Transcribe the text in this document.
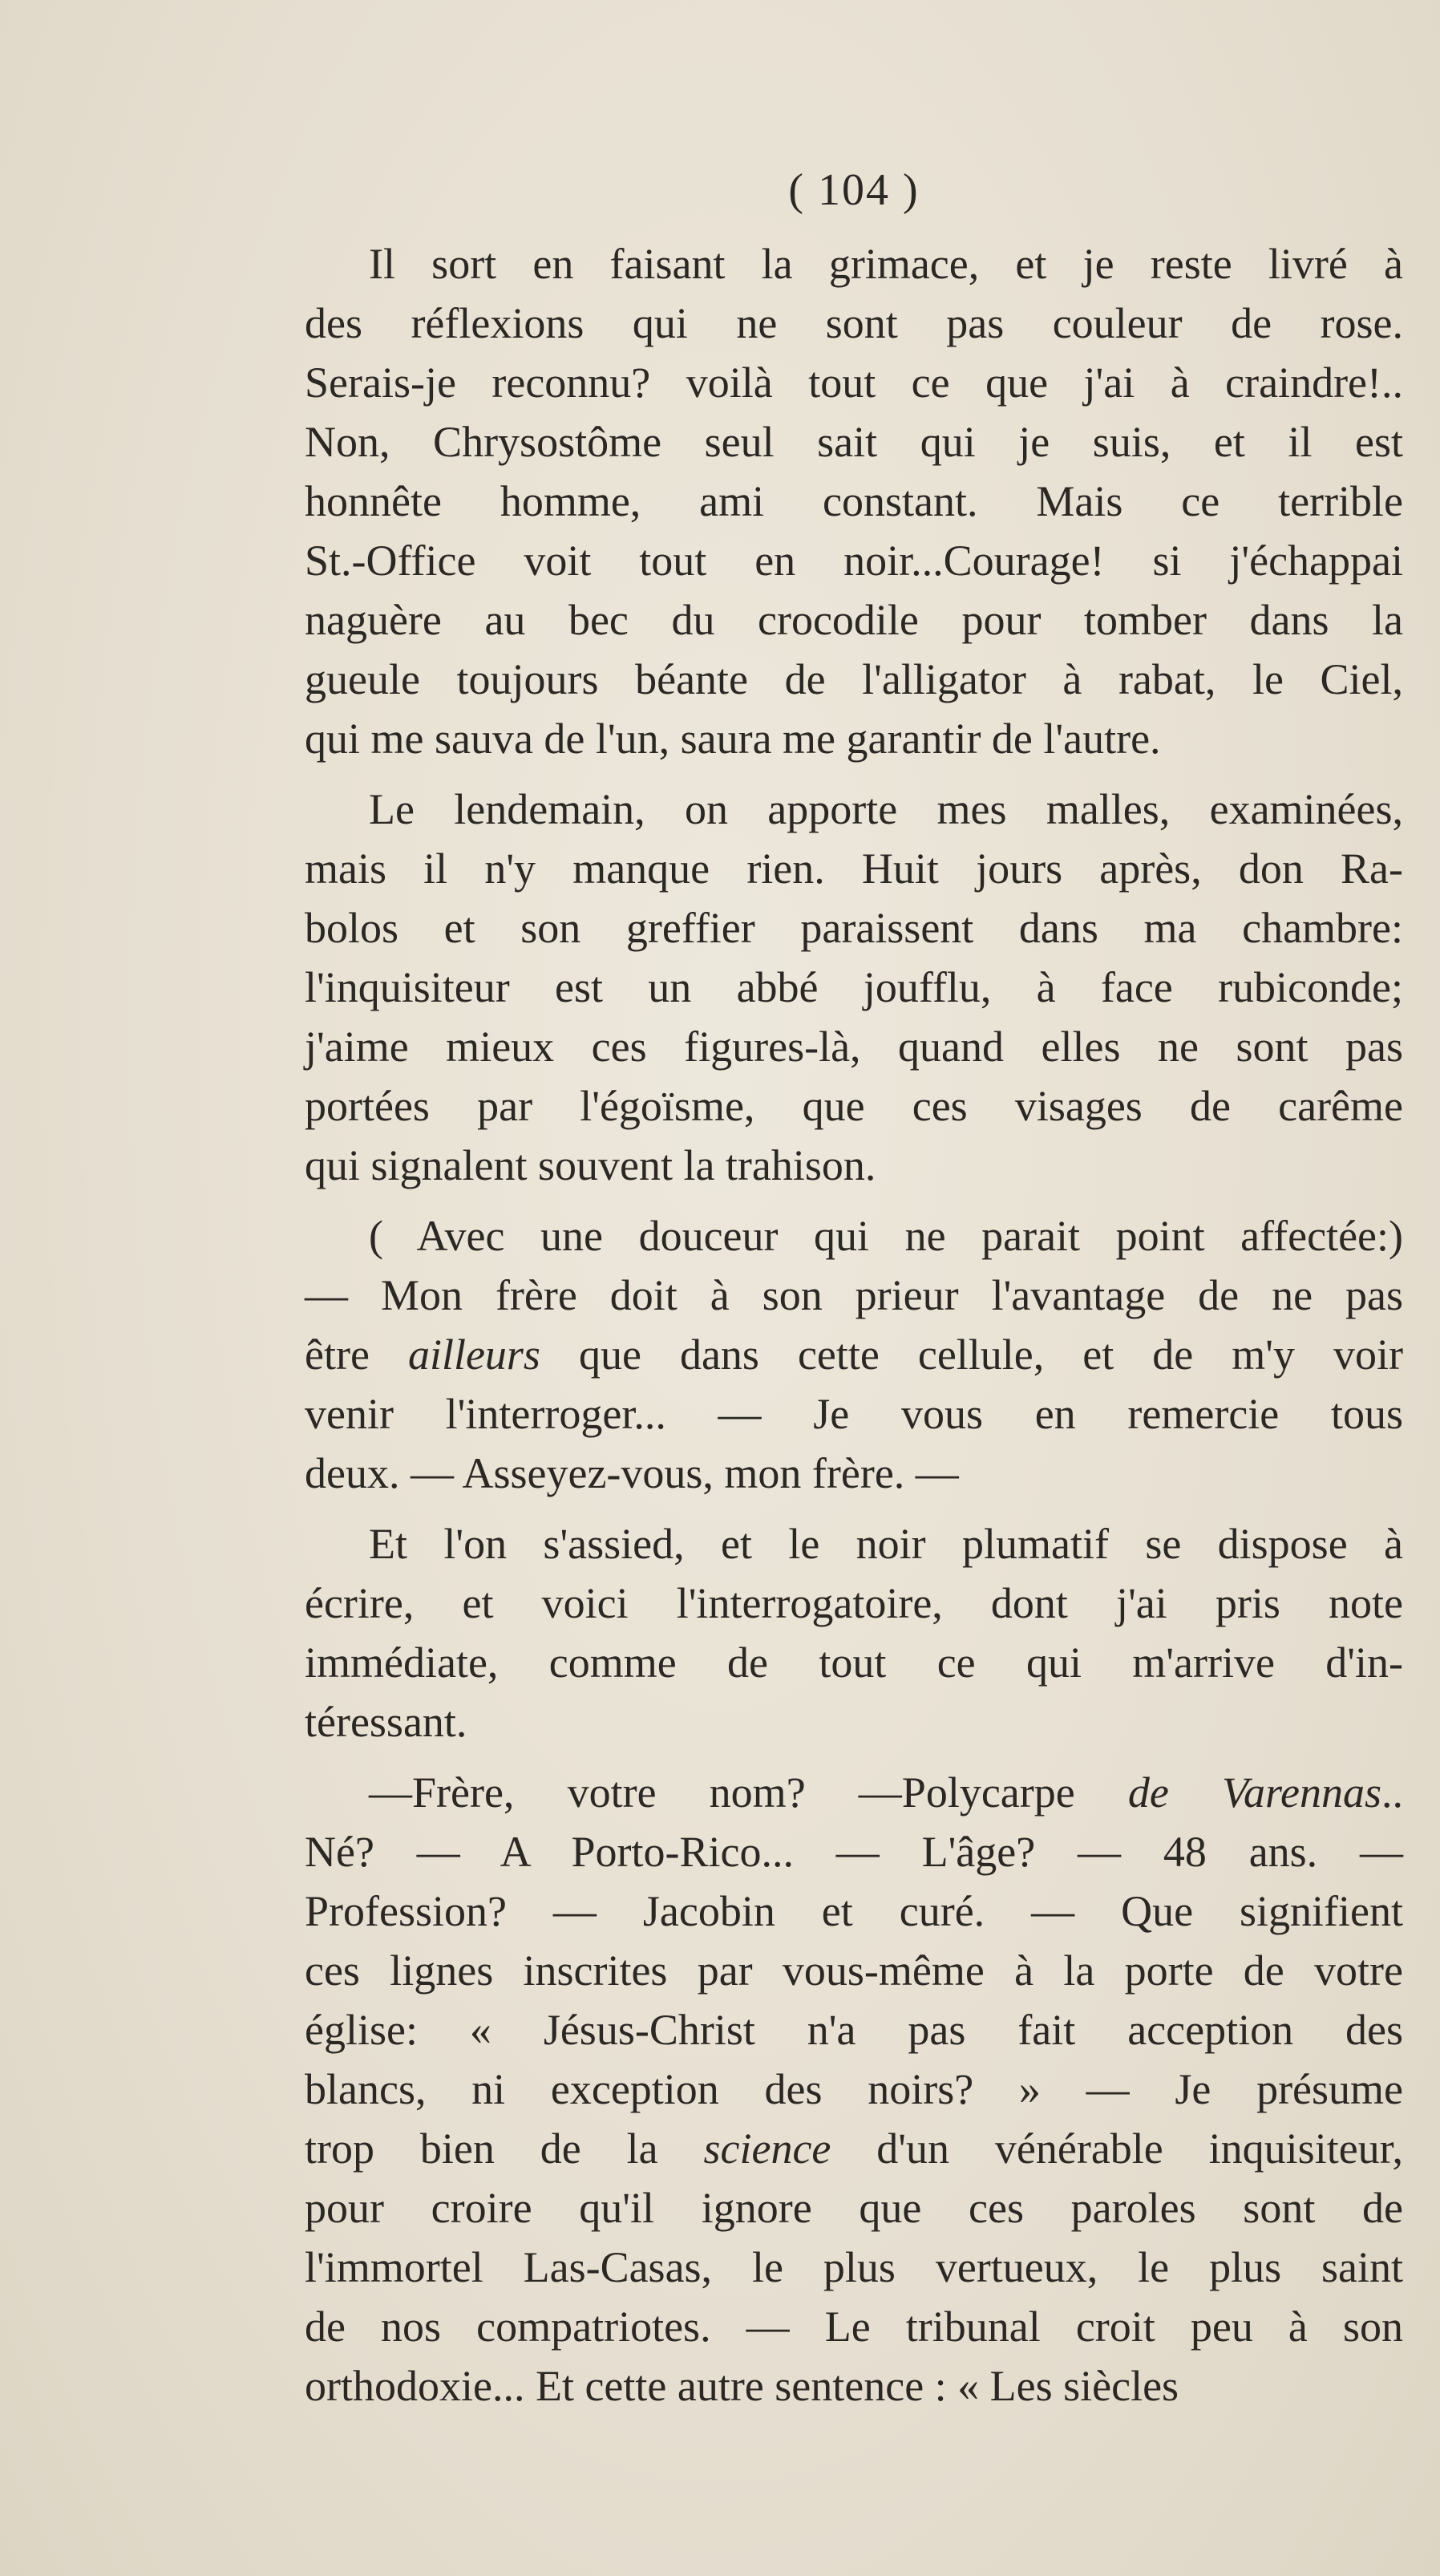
( 104 )
Il sort en faisant la grimace, et je reste livré à
des réflexions qui ne sont pas couleur de rose.
Serais-je reconnu? voilà tout ce que j'ai à craindre!..
Non, Chrysostôme seul sait qui je suis, et il est
honnête homme, ami constant. Mais ce terrible
St.-Office voit tout en noir...Courage! si j'échappai
naguère au bec du crocodile pour tomber dans la
gueule toujours béante de l'alligator à rabat, le Ciel,
qui me sauva de l'un, saura me garantir de l'autre.
Le lendemain, on apporte mes malles, examinées,
mais il n'y manque rien. Huit jours après, don Ra-
bolos et son greffier paraissent dans ma chambre:
l'inquisiteur est un abbé joufflu, à face rubiconde;
j'aime mieux ces figures-là, quand elles ne sont pas
portées par l'égoïsme, que ces visages de carême
qui signalent souvent la trahison.
( Avec une douceur qui ne parait point affectée:)
— Mon frère doit à son prieur l'avantage de ne pas
être ailleurs que dans cette cellule, et de m'y voir
venir l'interroger... — Je vous en remercie tous
deux. — Asseyez-vous, mon frère. —
Et l'on s'assied, et le noir plumatif se dispose à
écrire, et voici l'interrogatoire, dont j'ai pris note
immédiate, comme de tout ce qui m'arrive d'in-
téressant.
—Frère, votre nom? —Polycarpe de Varennas..
Né? — A Porto-Rico... — L'âge? — 48 ans. —
Profession? — Jacobin et curé. — Que signifient
ces lignes inscrites par vous-même à la porte de votre
église: « Jésus-Christ n'a pas fait acception des
blancs, ni exception des noirs? » — Je présume
trop bien de la science d'un vénérable inquisiteur,
pour croire qu'il ignore que ces paroles sont de
l'immortel Las-Casas, le plus vertueux, le plus saint
de nos compatriotes. — Le tribunal croit peu à son
orthodoxie... Et cette autre sentence : « Les siècles
